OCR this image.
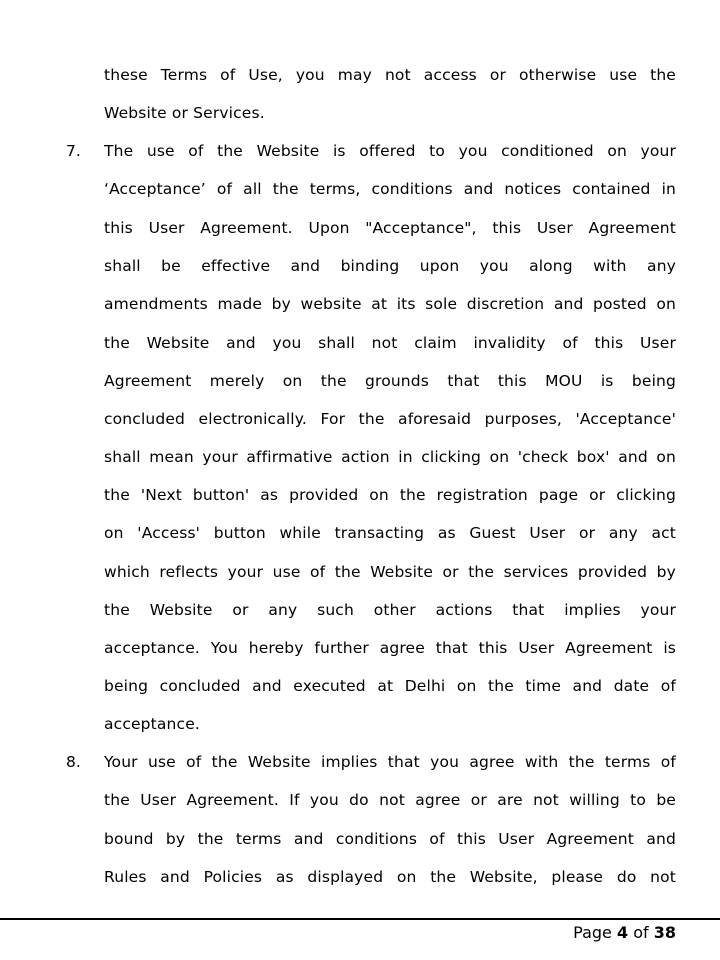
these Terms of Use, you may not access or otherwise use the
Website or Services.
7. The use of the Website is offered to you conditioned on your
‘Acceptance’ of all the terms, conditions and notices contained in
this User Agreement. Upon "Acceptance", this User Agreement
shall be effective and binding upon you along with any
amendments made by website at its sole discretion and posted on
the Website and you shall not claim invalidity of this User
Agreement merely on the grounds that this MOU is being
concluded electronically. For the aforesaid purposes, 'Acceptance'
shall mean your affirmative action in clicking on 'check box' and on
the 'Next button' as provided on the registration page or clicking
on 'Access' button while transacting as Guest User or any act
which reflects your use of the Website or the services provided by
the Website or any such other actions that implies your
acceptance. You hereby further agree that this User Agreement is
being concluded and executed at Delhi on the time and date of
acceptance.
8. Your use of the Website implies that you agree with the terms of
the User Agreement. If you do not agree or are not willing to be
bound by the terms and conditions of this User Agreement and
Rules and Policies as displayed on the Website, please do not
Page 4 of 38
